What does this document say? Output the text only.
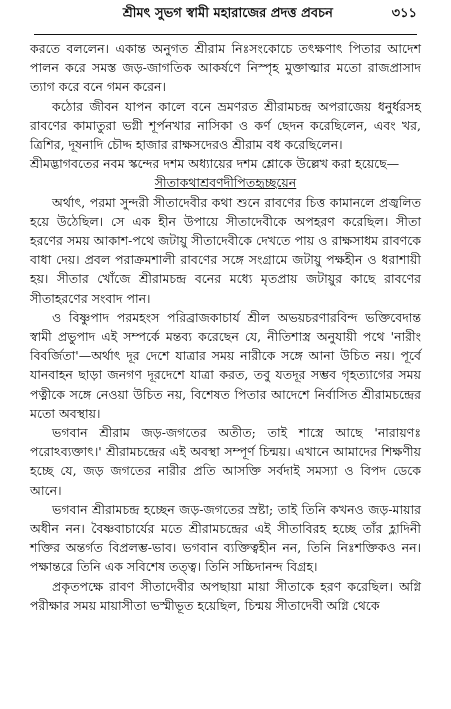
শ্রীমৎ সুভগ স্বামী মহারাজের প্রদত্ত প্রবচন	৩১১

করতে বললেন। একান্ত অনুগত শ্রীরাম নিঃসংকোচে তৎক্ষণাৎ পিতার আদেশ পালন করে সমস্ত জড়-জাগতিক আকর্ষণে নিস্পৃহ মুক্তাত্মার মতো রাজপ্রাসাদ ত্যাগ করে বনে গমন করেন।

কঠোর জীবন যাপন কালে বনে ভ্রমণরত শ্রীরামচন্দ্র অপরাজেয় ধনুর্ধরসহ রাবণের কামাতুরা ভগ্নী শূর্পনখার নাসিকা ও কর্ণ ছেদন করেছিলেন, এবং খর, ত্রিশির, দূষনাদি চৌদ্দ হাজার রাক্ষসদেরও শ্রীরাম বধ করেছিলেন।

শ্রীমদ্ভাগবতের নবম স্কন্দের দশম অধ্যায়ের দশম শ্লোকে উল্লেখ করা হয়েছে—

সীতাকথাশ্রবণদীপিতহৃচ্ছয়েন

অর্থাৎ, পরমা সুন্দরী সীতাদেবীর কথা শুনে রাবণের চিত্ত কামানলে প্রজ্বলিত হয়ে উঠেছিল। সে এক হীন উপায়ে সীতাদেবীকে অপহরণ করেছিল। সীতা হরণের সময় আকাশ-পথে জটায়ু সীতাদেবীকে দেখতে পায় ও রাক্ষসাধম রাবণকে বাধা দেয়। প্রবল পরাক্রমশালী রাবণের সঙ্গে সংগ্রামে জটায়ু পক্ষহীন ও ধরাশায়ী হয়। সীতার খোঁজে শ্রীরামচন্দ্র বনের মধ্যে মৃতপ্রায় জটায়ুর কাছে রাবণের সীতাহরণের সংবাদ পান।

ও বিষ্ণুপাদ পরমহংস পরিব্রাজকাচার্য শ্রীল অভয়চরণারবিন্দ ভক্তিবেদান্ত স্বামী প্রভুপাদ এই সম্পর্কে মন্তব্য করেছেন যে, নীতিশাস্ত্র অনুযায়ী পথে 'নারীং বিবর্জিতা'—অর্থাৎ দূর দেশে যাত্রার সময় নারীকে সঙ্গে আনা উচিত নয়। পূর্বে যানবাহন ছাড়া জনগণ দূরদেশে যাত্রা করত, তবু যতদূর সম্ভব গৃহত্যাগের সময় পত্নীকে সঙ্গে নেওয়া উচিত নয়, বিশেষত পিতার আদেশে নির্বাসিত শ্রীরামচন্দ্রের মতো অবস্থায়।

ভগবান শ্রীরাম জড়-জগতের অতীত; তাই শাস্ত্রে আছে 'নারায়ণঃ পরোঽব্যক্তাৎ।' শ্রীরামচন্দ্রের এই অবস্থা সম্পূর্ণ চিন্ময়। এখানে আমাদের শিক্ষণীয় হচ্ছে যে, জড় জগতের নারীর প্রতি আসক্তি সর্বদাই সমস্যা ও বিপদ ডেকে আনে।

ভগবান শ্রীরামচন্দ্র হচ্ছেন জড়-জগতের স্রষ্টা; তাই তিনি কখনও জড়-মায়ার অধীন নন। বৈষ্ণবাচার্যের মতে শ্রীরামচন্দ্রের এই সীতাবিরহ হচ্ছে তাঁর হ্লাদিনী শক্তির অন্তর্গত বিপ্রলম্ভ-ভাব। ভগবান ব্যক্তিত্বহীন নন, তিনি নিঃশক্তিকও নন। পক্ষান্তরে তিনি এক সবিশেষ তত্ত্ব। তিনি সচ্চিদানন্দ বিগ্রহ।

প্রকৃতপক্ষে রাবণ সীতাদেবীর অপছায়া মায়া সীতাকে হরণ করেছিল। অগ্নি পরীক্ষার সময় মায়াসীতা ভস্মীভূত হয়েছিল, চিন্ময় সীতাদেবী অগ্নি থেকে
